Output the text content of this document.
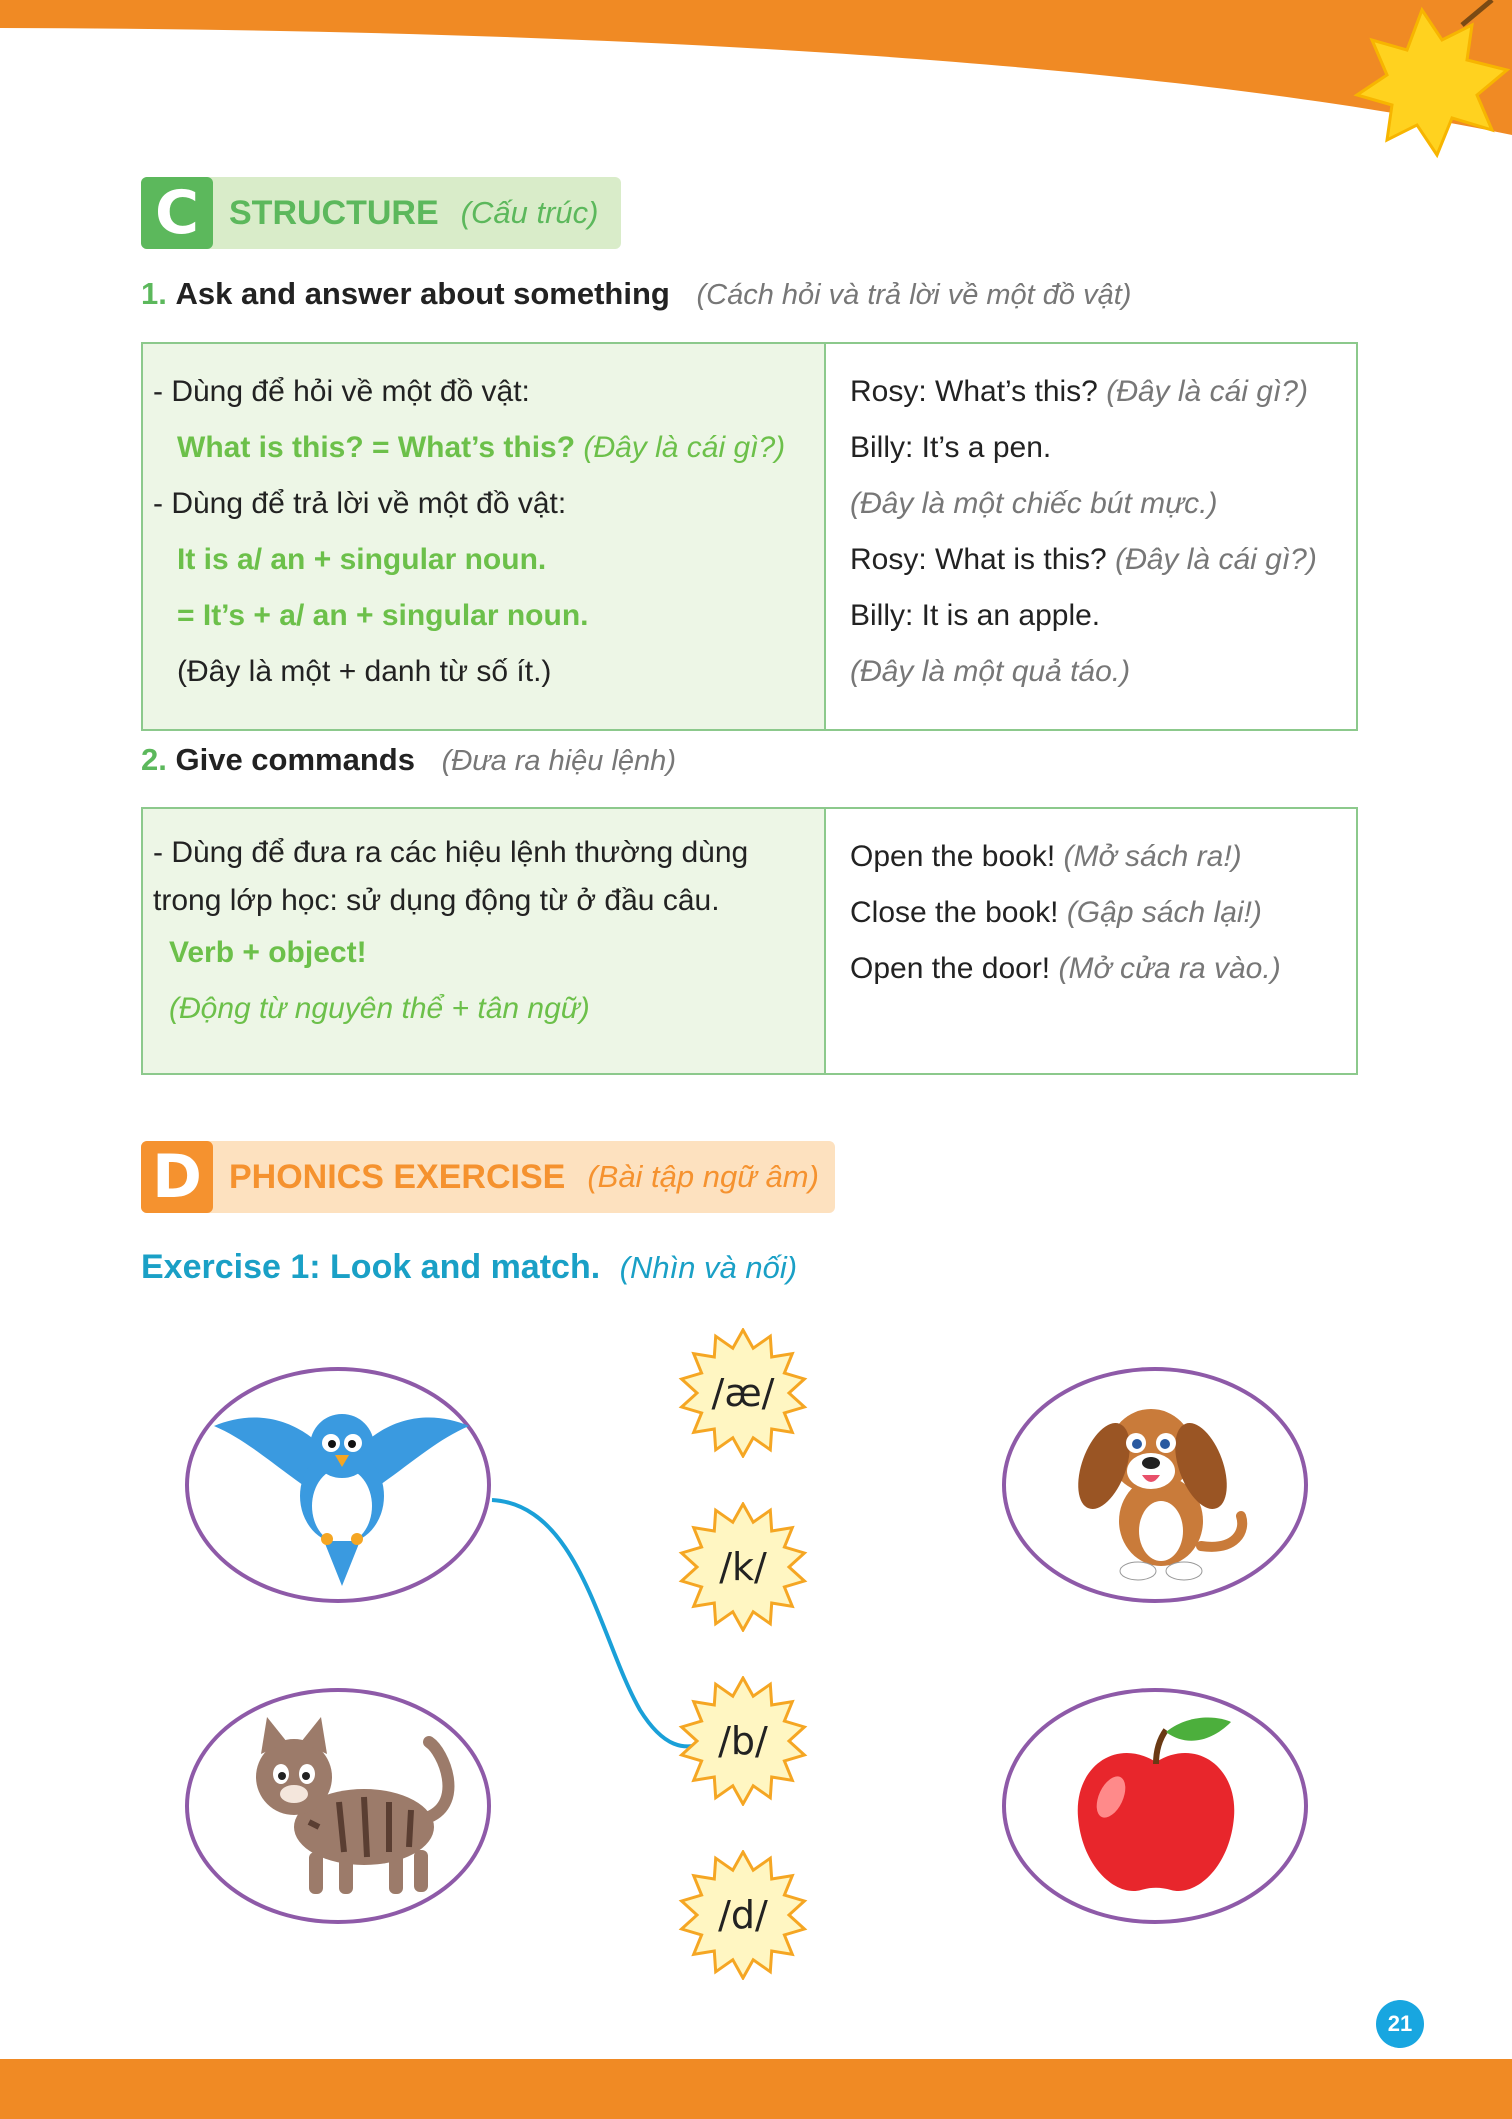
C STRUCTURE (Cấu trúc)
1. Ask and answer about something (Cách hỏi và trả lời về một đồ vật)
- Dùng để hỏi về một đồ vật:
What is this? = What’s this? (Đây là cái gì?)
- Dùng để trả lời về một đồ vật:
It is a/ an + singular noun.
= It’s + a/ an + singular noun.
(Đây là một + danh từ số ít.)
Rosy: What’s this? (Đây là cái gì?)
Billy: It’s a pen.
(Đây là một chiếc bút mực.)
Rosy: What is this? (Đây là cái gì?)
Billy: It is an apple.
(Đây là một quả táo.)
2. Give commands (Đưa ra hiệu lệnh)
- Dùng để đưa ra các hiệu lệnh thường dùng
trong lớp học: sử dụng động từ ở đầu câu.
Verb + object!
(Động từ nguyên thể + tân ngữ)
Open the book! (Mở sách ra!)
Close the book! (Gập sách lại!)
Open the door! (Mở cửa ra vào.)
D PHONICS EXERCISE (Bài tập ngữ âm)
Exercise 1: Look and match. (Nhìn và nối)
/æ/
/k/
/b/
/d/
21
